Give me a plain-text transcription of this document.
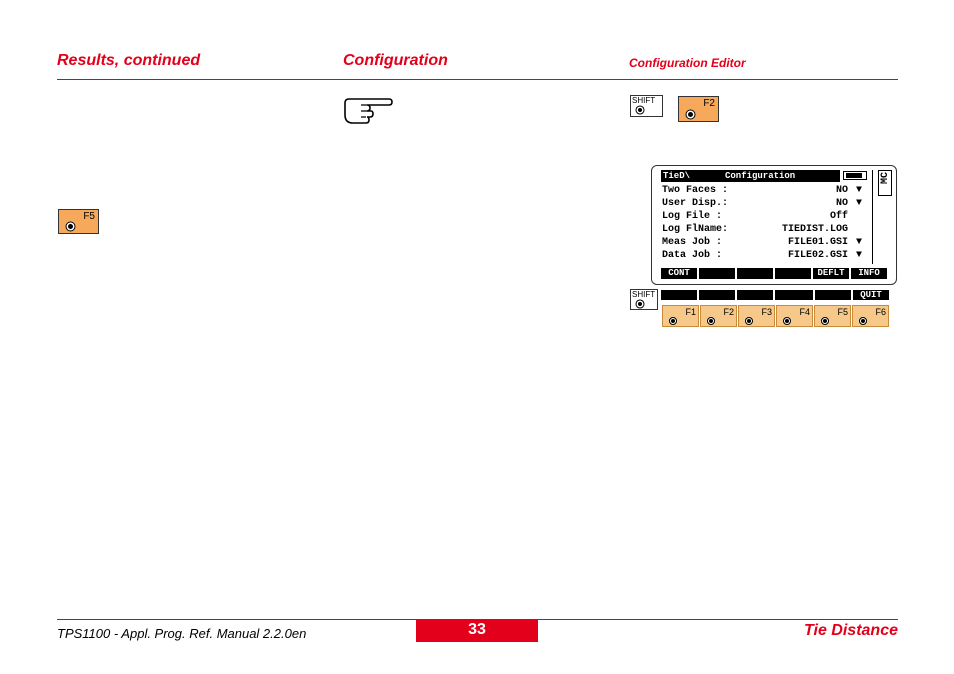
Results, continued	Configuration	Configuration Editor
F5
SHIFT	F2
TieD\	Configuration	MC
Two Faces :	NO ▼
User Disp.:	NO ▼
Log File :	Off
Log FlName:	TIEDIST.LOG
Meas Job :	FILE01.GSI ▼
Data Job :	FILE02.GSI ▼
CONT	DEFLT	INFO
SHIFT	QUIT
F1	F2	F3	F4	F5	F6
TPS1100 - Appl. Prog. Ref. Manual 2.2.0en	33	Tie Distance
